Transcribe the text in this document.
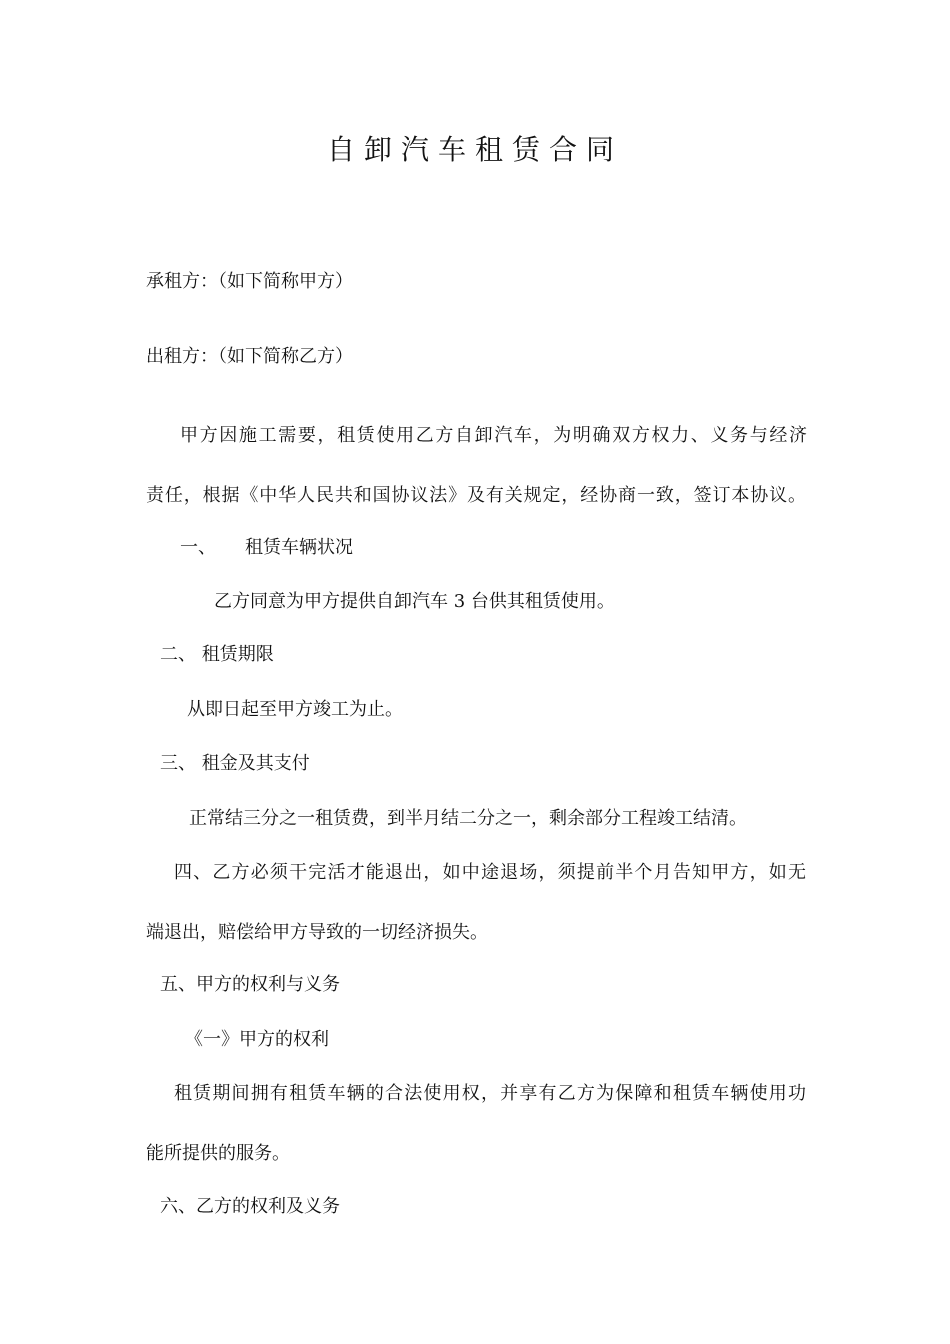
自卸汽车租赁合同
承租方：（如下简称甲方）
出租方：（如下简称乙方）
甲方因施工需要，租赁使用乙方自卸汽车，为明确双方权力、义务与经济
责任，根据《中华人民共和国协议法》及有关规定，经协商一致，签订本协议。
一、 租赁车辆状况
乙方同意为甲方提供自卸汽车 3 台供其租赁使用。
二、 租赁期限
从即日起至甲方竣工为止。
三、 租金及其支付
正常结三分之一租赁费，到半月结二分之一，剩余部分工程竣工结清。
四、乙方必须干完活才能退出，如中途退场，须提前半个月告知甲方，如无
端退出，赔偿给甲方导致的一切经济损失。
五、甲方的权利与义务
《一》甲方的权利
租赁期间拥有租赁车辆的合法使用权，并享有乙方为保障和租赁车辆使用功
能所提供的服务。
六、乙方的权利及义务
